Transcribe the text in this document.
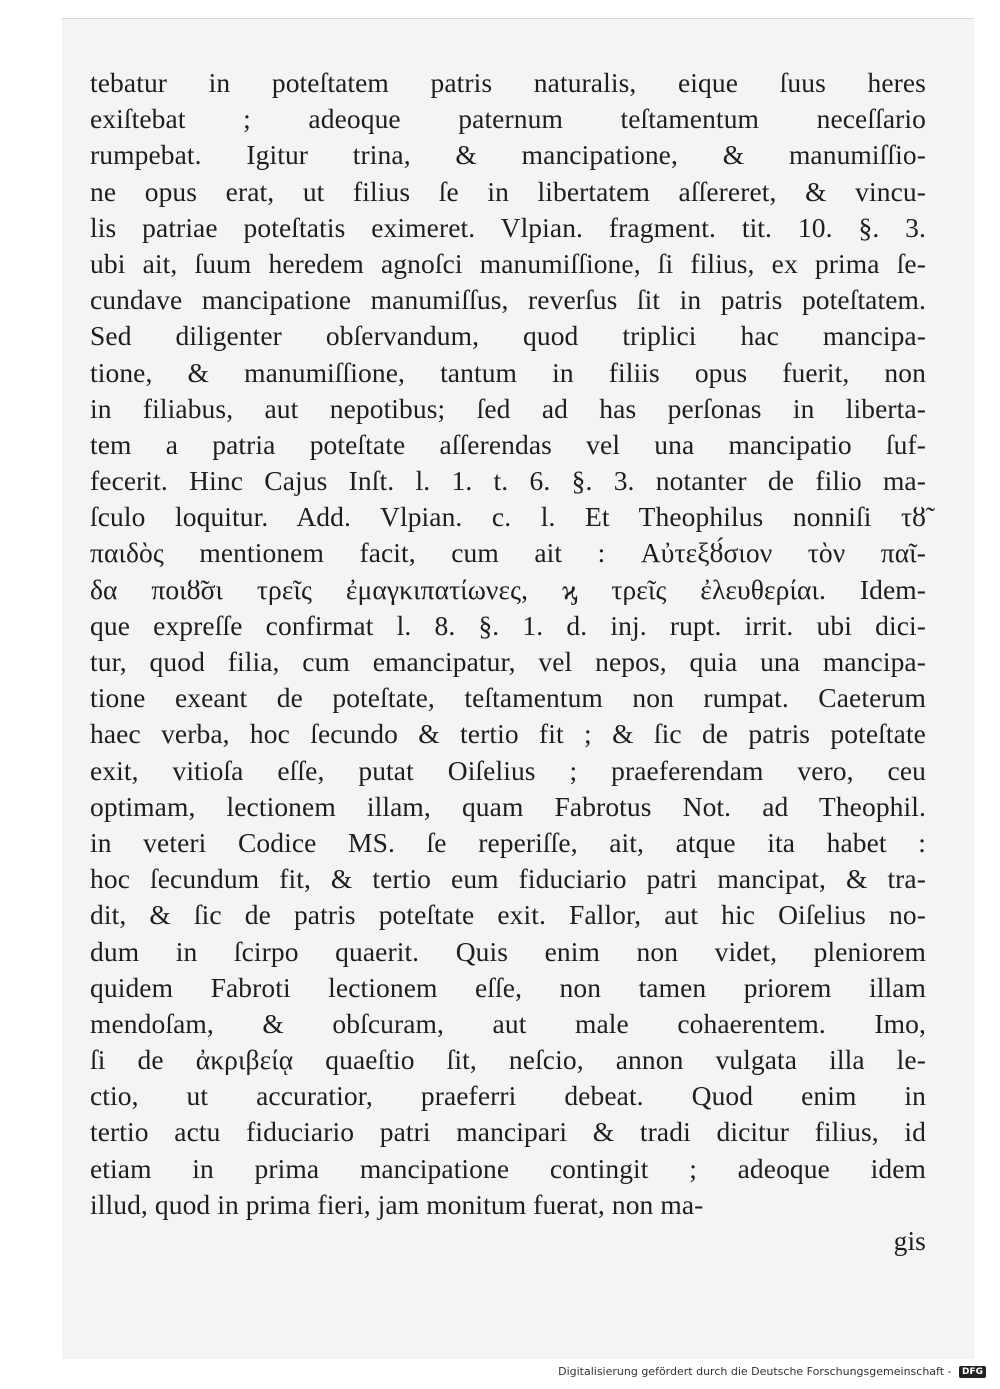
tebatur in poteſtatem patris naturalis, eique ſuus heres
exiſtebat ; adeoque paternum teſtamentum neceſſario
rumpebat. Igitur trina, & mancipatione, & manumiſſio-
ne opus erat, ut filius ſe in libertatem aſſereret, & vincu-
lis patriae poteſtatis eximeret. Vlpian. fragment. tit. 10. §. 3.
ubi ait, ſuum heredem agnoſci manumiſſione, ſi filius, ex prima ſe-
cundave mancipatione manumiſſus, reverſus ſit in patris poteſtatem.
Sed diligenter obſervandum, quod triplici hac mancipa-
tione, & manumiſſione, tantum in filiis opus fuerit, non
in filiabus, aut nepotibus; ſed ad has perſonas in liberta-
tem a patria poteſtate aſſerendas vel una mancipatio ſuf-
fecerit. Hinc Cajus Inſt. l. 1. t. 6. §. 3. notanter de filio ma-
ſculo loquitur. Add. Vlpian. c. l. Et Theophilus nonniſi τȣ̃
παιδὸς mentionem facit, cum ait : Αὐτεξȣ́σιον τὸν παῖ-
δα ποιȣ̃σι τρεῖς ἐμαγκιπατίωνες, ϗ τρεῖς ἐλευθερίαι. Idem-
que expreſſe confirmat l. 8. §. 1. d. inj. rupt. irrit. ubi dici-
tur, quod filia, cum emancipatur, vel nepos, quia una mancipa-
tione exeant de poteſtate, teſtamentum non rumpat. Caeterum
haec verba, hoc ſecundo & tertio fit ; & ſic de patris poteſtate
exit, vitioſa eſſe, putat Oiſelius ; praeferendam vero, ceu
optimam, lectionem illam, quam Fabrotus Not. ad Theophil.
in veteri Codice MS. ſe reperiſſe, ait, atque ita habet :
hoc ſecundum fit, & tertio eum fiduciario patri mancipat, & tra-
dit, & ſic de patris poteſtate exit. Fallor, aut hic Oiſelius no-
dum in ſcirpo quaerit. Quis enim non videt, pleniorem
quidem Fabroti lectionem eſſe, non tamen priorem illam
mendoſam, & obſcuram, aut male cohaerentem. Imo,
ſi de ἀκριβείᾳ quaeſtio ſit, neſcio, annon vulgata illa le-
ctio, ut accuratior, praeferri debeat. Quod enim in
tertio actu fiduciario patri mancipari & tradi dicitur filius, id
etiam in prima mancipatione contingit ; adeoque idem
illud, quod in prima fieri, jam monitum fuerat, non ma-
gis
Digitalisierung gefördert durch die Deutsche Forschungsgemeinschaft - DFG
